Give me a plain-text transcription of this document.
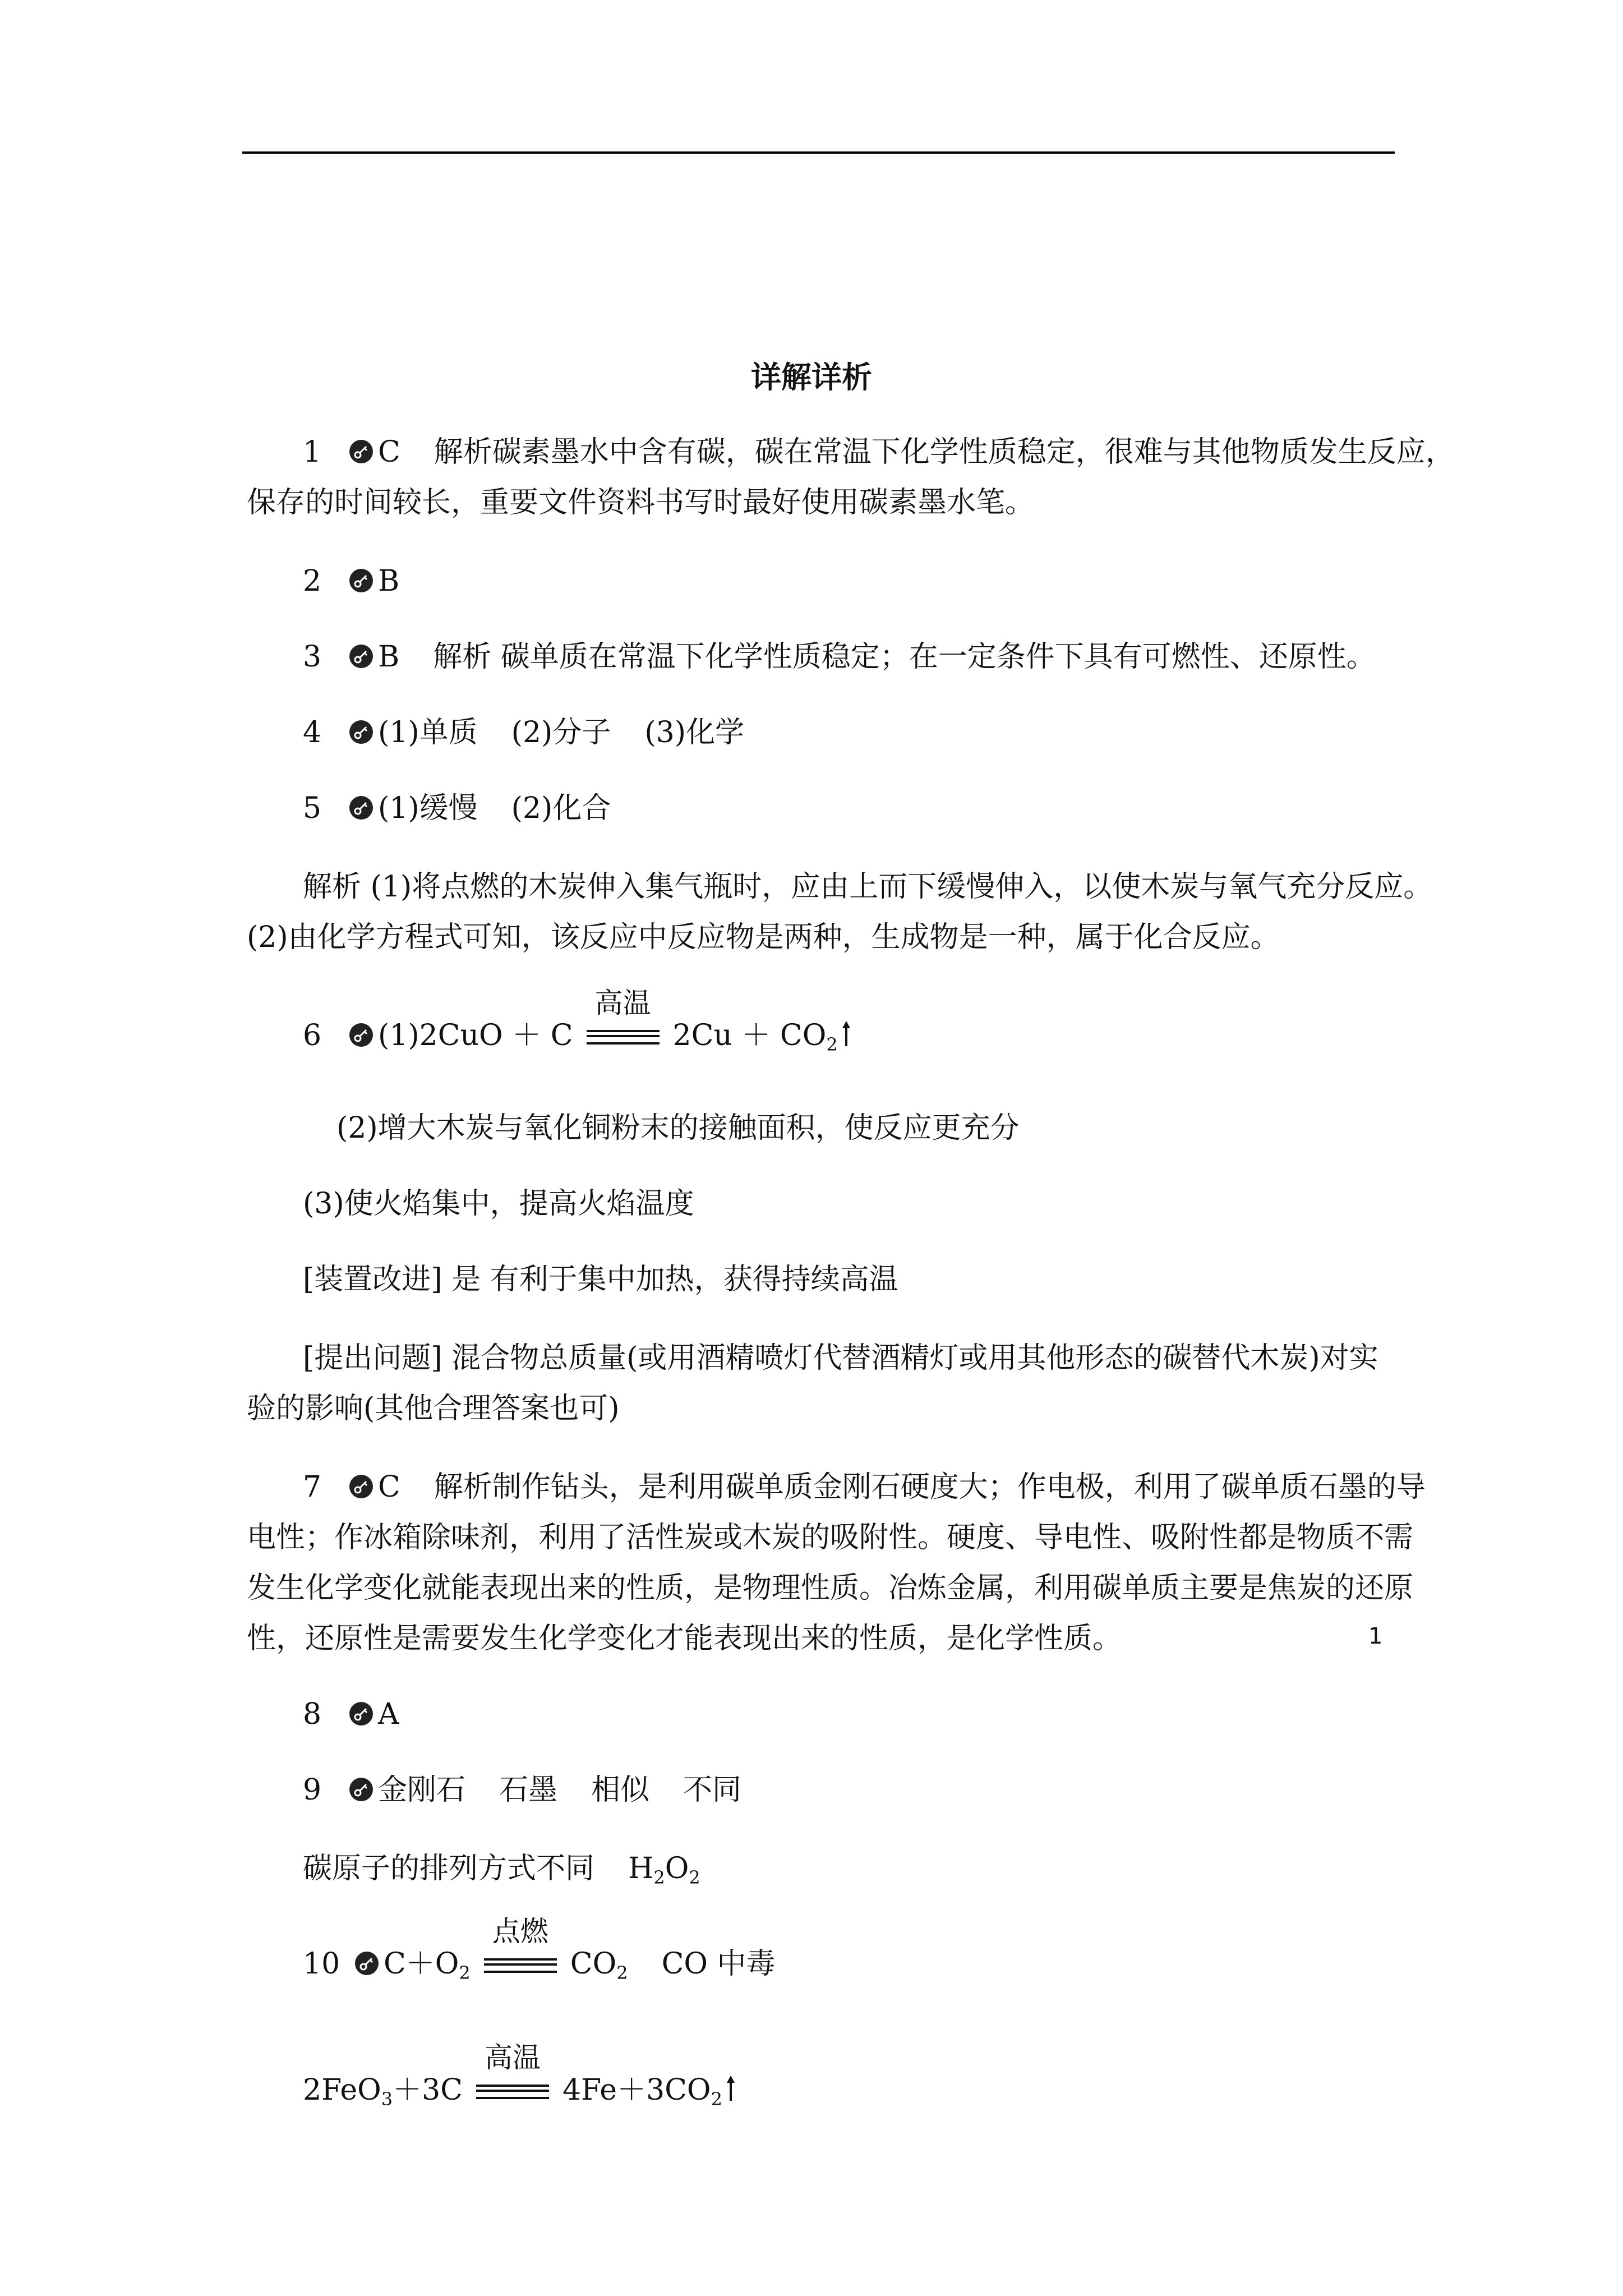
详解详析
1 C 解析碳素墨水中含有碳，碳在常温下化学性质稳定，很难与其他物质发生反应，
保存的时间较长，重要文件资料书写时最好使用碳素墨水笔。
2 B
3 B 解析 碳单质在常温下化学性质稳定；在一定条件下具有可燃性、还原性。
4 (1)单质 (2)分子 (3)化学
5 (1)缓慢 (2)化合
解析 (1)将点燃的木炭伸入集气瓶时，应由上而下缓慢伸入，以使木炭与氧气充分反应。
(2)由化学方程式可知，该反应中反应物是两种，生成物是一种，属于化合反应。
6 (1)2CuO ＋ C
高温
$2Cu + CO_2$
(2)增大木炭与氧化铜粉末的接触面积，使反应更充分
(3)使火焰集中，提高火焰温度
[装置改进] 是 有利于集中加热，获得持续高温
[提出问题] 混合物总质量(或用酒精喷灯代替酒精灯或用其他形态的碳替代木炭)对实
验的影响(其他合理答案也可)
7 C 解析制作钻头，是利用碳单质金刚石硬度大；作电极，利用了碳单质石墨的导
电性；作冰箱除味剂，利用了活性炭或木炭的吸附性。硬度、导电性、吸附性都是物质不需
发生化学变化就能表现出来的性质，是物理性质。冶炼金属，利用碳单质主要是焦炭的还原
性，还原性是需要发生化学变化才能表现出来的性质，是化学性质。
8 A
9 金刚石 石墨 相似 不同
碳原子的排列方式不同 $H_2O_2$
10 $C+O_2$
点燃
$CO_2$ CO 中毒
2FeO$_3$＋3C
高温
$4Fe+3CO_2$
1
